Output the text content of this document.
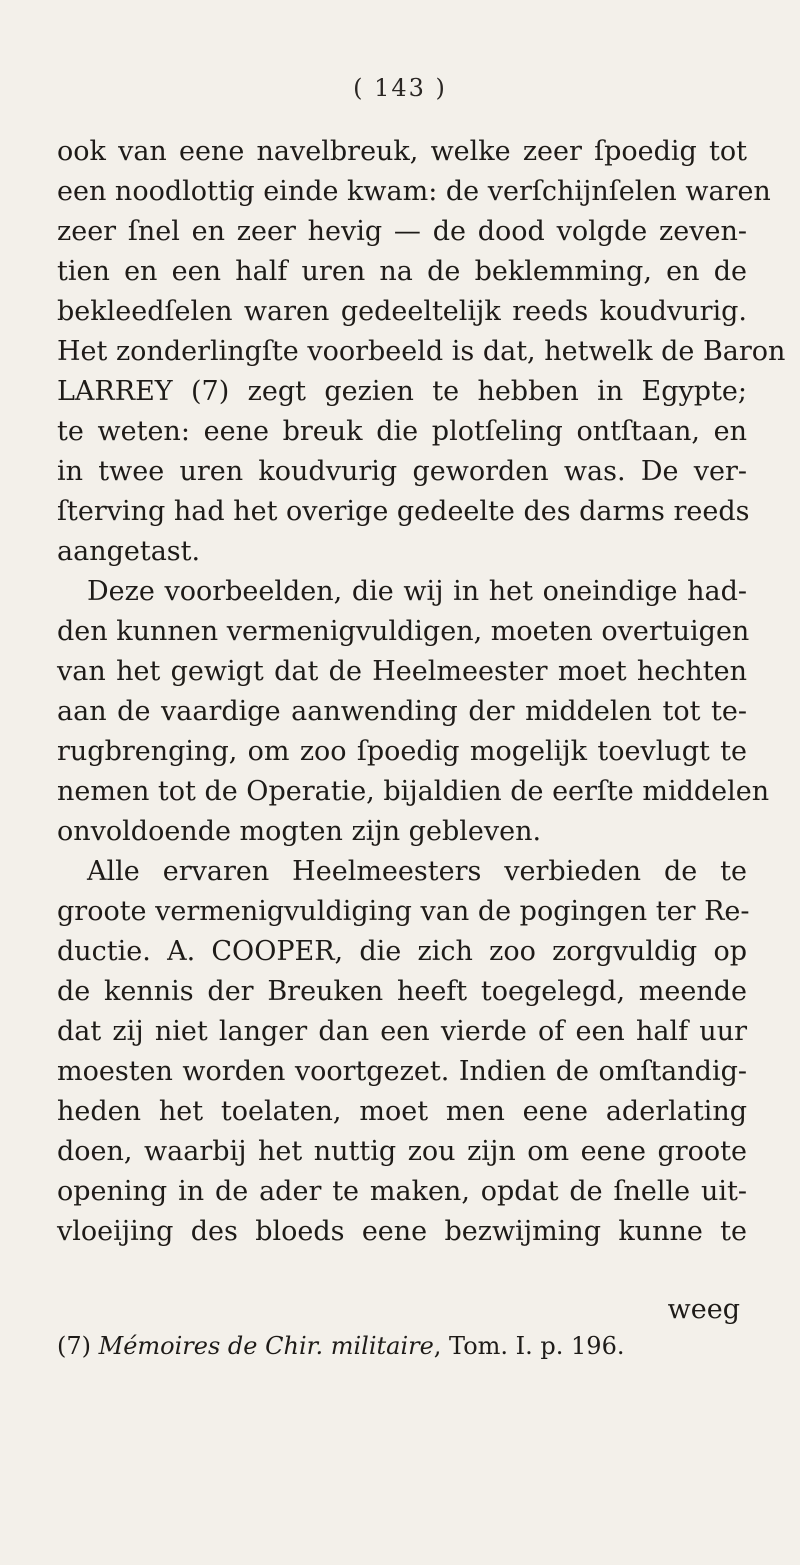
( 143 )
ook van eene navelbreuk, welke zeer ſpoedig tot
een noodlottig einde kwam: de verſchijnſelen waren
zeer ſnel en zeer hevig — de dood volgde zeven-
tien en een half uren na de beklemming, en de
bekleedſelen waren gedeeltelijk reeds koudvurig.
Het zonderlingſte voorbeeld is dat, hetwelk de Baron
LARREY (7) zegt gezien te hebben in Egypte;
te weten: eene breuk die plotſeling ontſtaan, en
in twee uren koudvurig geworden was. De ver-
ſterving had het overige gedeelte des darms reeds
aangetast.
Deze voorbeelden, die wij in het oneindige had-
den kunnen vermenigvuldigen, moeten overtuigen
van het gewigt dat de Heelmeester moet hechten
aan de vaardige aanwending der middelen tot te-
rugbrenging, om zoo ſpoedig mogelijk toevlugt te
nemen tot de Operatie, bijaldien de eerſte middelen
onvoldoende mogten zijn gebleven.
Alle ervaren Heelmeesters verbieden de te
groote vermenigvuldiging van de pogingen ter Re-
ductie. A. COOPER, die zich zoo zorgvuldig op
de kennis der Breuken heeft toegelegd, meende
dat zij niet langer dan een vierde of een half uur
moesten worden voortgezet. Indien de omſtandig-
heden het toelaten, moet men eene aderlating
doen, waarbij het nuttig zou zijn om eene groote
opening in de ader te maken, opdat de ſnelle uit-
vloeijing des bloeds eene bezwijming kunne te
weeg
(7) Mémoires de Chir. militaire, Tom. I. p. 196.
